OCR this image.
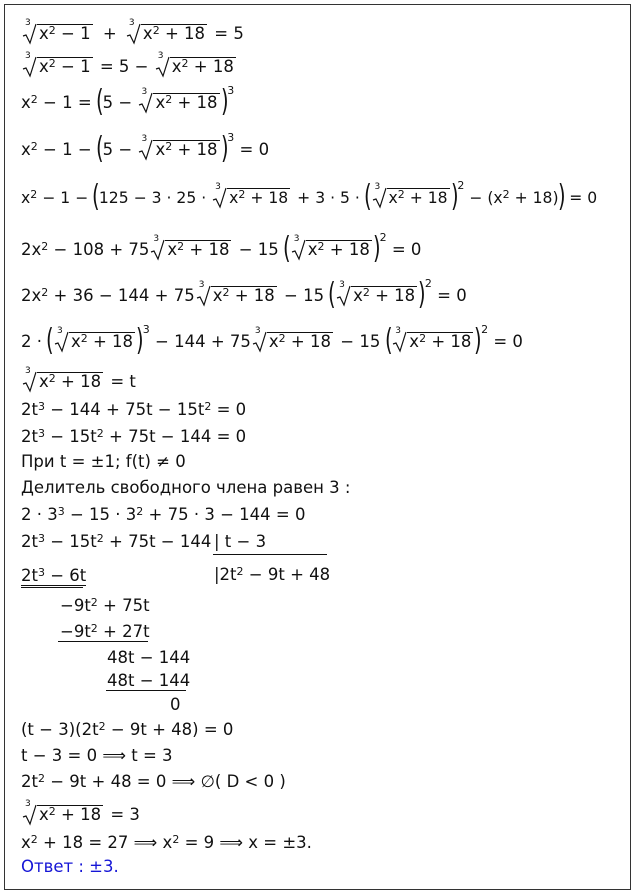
3
$x^2 - 1$ +
3
$x^2 + 18 = 5$
3
$x^2 - 1 = 5$ −
3
$x^2 + 18$
$x^2 - 1 = (5$ −
3
$x^2 + 18$ )$^3$
$x^2 - 1 - (5$ −
3
$x^2 + 18$ )$^3$ = 0
$x^2 - 1 - (125 - 3 \cdot 25$ ·
3
$x^2 + 18 + 3 \cdot 5$ · ( 3
$x^2 + 18$ )$^2 - (x^2 + 18)) = 0$
$2x^2 - 108 + 75$
3
$x^2 + 18 - 15$ ( 3
$x^2 + 18$ )$^2$ = 0
$2x^2 + 36 - 144 + 75$
3
$x^2 + 18 - 15$ ( 3
$x^2 + 18$ )$^2$ = 0
2 · ( 3
$x^2 + 18$ )$^3$ − 144 + 75
3
$x^2 + 18 - 15$ ( 3
$x^2 + 18$ )$^2$ = 0
3
$x^2 + 18 = t$
$2t^3 - 144 + 75t - 15t^2 = 0$
$2t^3 - 15t^2 + 75t - 144 = 0$
При t = ±1; f(t) ≠ 0
Делитель свободного члена равен 3 :
$2 \cdot 3^3 - 15 \cdot 3^2 + 75 \cdot 3 - 144 = 0$
$2t^3 - 15t^2 + 75t - 144$ | t − 3
$|2t^2 - 9t + 48$
$2t^3 - 6t$
$-9t^2 + 75t$
$-9t^2 + 27t$
48t − 144
48t − 144
0
$(t - 3)(2t^2 - 9t + 48) = 0$
t − 3 = 0 ⟹ t = 3
$2t^2 - 9t + 48 = 0$ ⟹ ∅( D < 0 )
3
$x^2 + 18 = 3$
$x^2 + 18 = 27$ ⟹ $x^2 = 9$ ⟹ x = ±3.
Ответ : ±3.
